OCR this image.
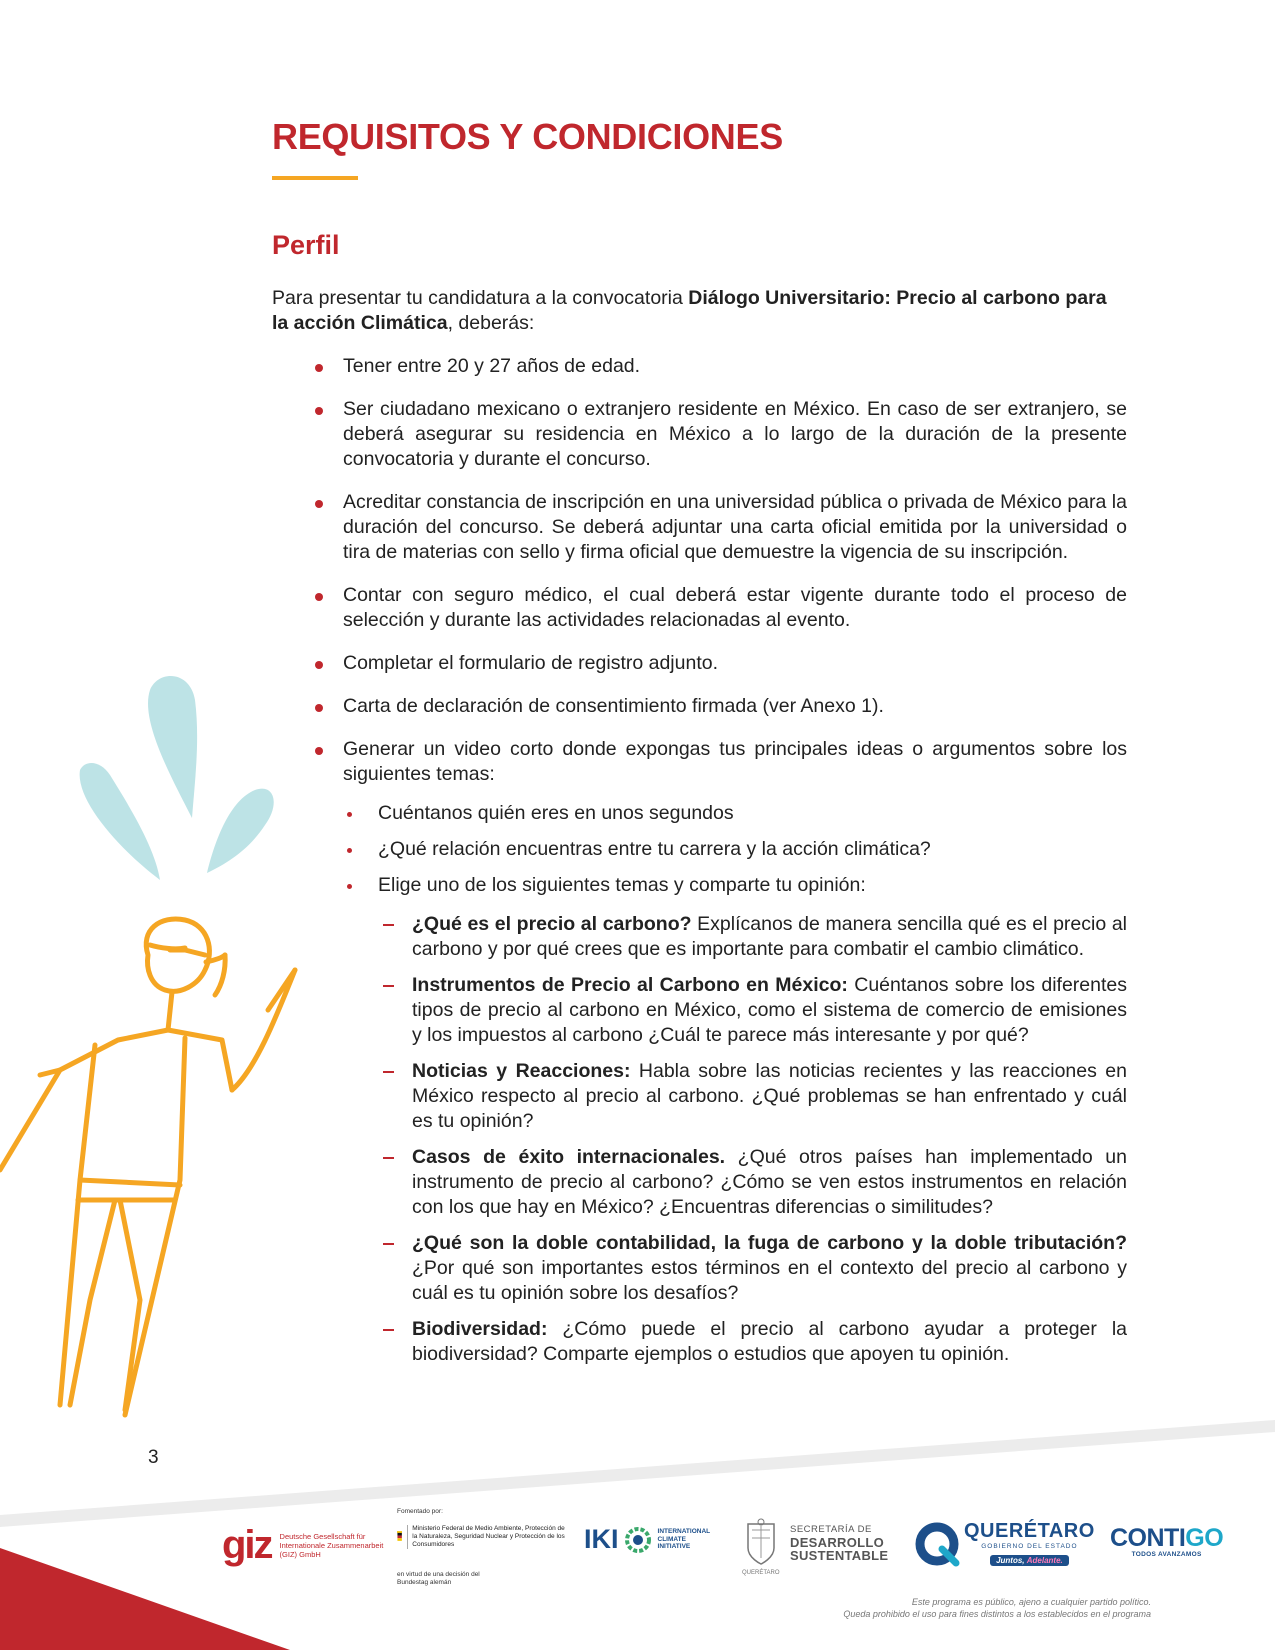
REQUISITOS Y CONDICIONES
Perfil

Para presentar tu candidatura a la convocatoria Diálogo Universitario: Precio al carbono para la acción Climática, deberás:

Tener entre 20 y 27 años de edad.
Ser ciudadano mexicano o extranjero residente en México. En caso de ser extranjero, se deberá asegurar su residencia en México a lo largo de la duración de la presente convocatoria y durante el concurso.
Acreditar constancia de inscripción en una universidad pública o privada de México para la duración del concurso. Se deberá adjuntar una carta oficial emitida por la universidad o tira de materias con sello y firma oficial que demuestre la vigencia de su inscripción.
Contar con seguro médico, el cual deberá estar vigente durante todo el proceso de selección y durante las actividades relacionadas al evento.
Completar el formulario de registro adjunto.
Carta de declaración de consentimiento firmada (ver Anexo 1).
Generar un video corto donde expongas tus principales ideas o argumentos sobre los siguientes temas:
Cuéntanos quién eres en unos segundos
¿Qué relación encuentras entre tu carrera y la acción climática?
Elige uno de los siguientes temas y comparte tu opinión:
¿Qué es el precio al carbono? Explícanos de manera sencilla qué es el precio al carbono y por qué crees que es importante para combatir el cambio climático.
Instrumentos de Precio al Carbono en México: Cuéntanos sobre los diferentes tipos de precio al carbono en México, como el sistema de comercio de emisiones y los impuestos al carbono ¿Cuál te parece más interesante y por qué?
Noticias y Reacciones: Habla sobre las noticias recientes y las reacciones en México respecto al precio al carbono. ¿Qué problemas se han enfrentado y cuál es tu opinión?
Casos de éxito internacionales. ¿Qué otros países han implementado un instrumento de precio al carbono? ¿Cómo se ven estos instrumentos en relación con los que hay en México? ¿Encuentras diferencias o similitudes?
¿Qué son la doble contabilidad, la fuga de carbono y la doble tributación? ¿Por qué son importantes estos términos en el contexto del precio al carbono y cuál es tu opinión sobre los desafíos?
Biodiversidad: ¿Cómo puede el precio al carbono ayudar a proteger la biodiversidad? Comparte ejemplos o estudios que apoyen tu opinión.
3
giz Deutsche Gesellschaft für Internationale Zusammenarbeit (GIZ) GmbH
Fomentado por:
Ministerio Federal de Medio Ambiente, Protección de la Naturaleza, Seguridad Nuclear y Protección de los Consumidores
en virtud de una decisión del Bundestag alemán
IKI	INTERNATIONAL CLIMATE INITIATIVE
SECRETARÍA DE
DESARROLLO
SUSTENTABLE
QUERÉTARO
QUERÉTARO
GOBIERNO DEL ESTADO
Juntos, Adelante.
CONTIGO
TODOS AVANZAMOS
Este programa es público, ajeno a cualquier partido político.
Queda prohibido el uso para fines distintos a los establecidos en el programa
